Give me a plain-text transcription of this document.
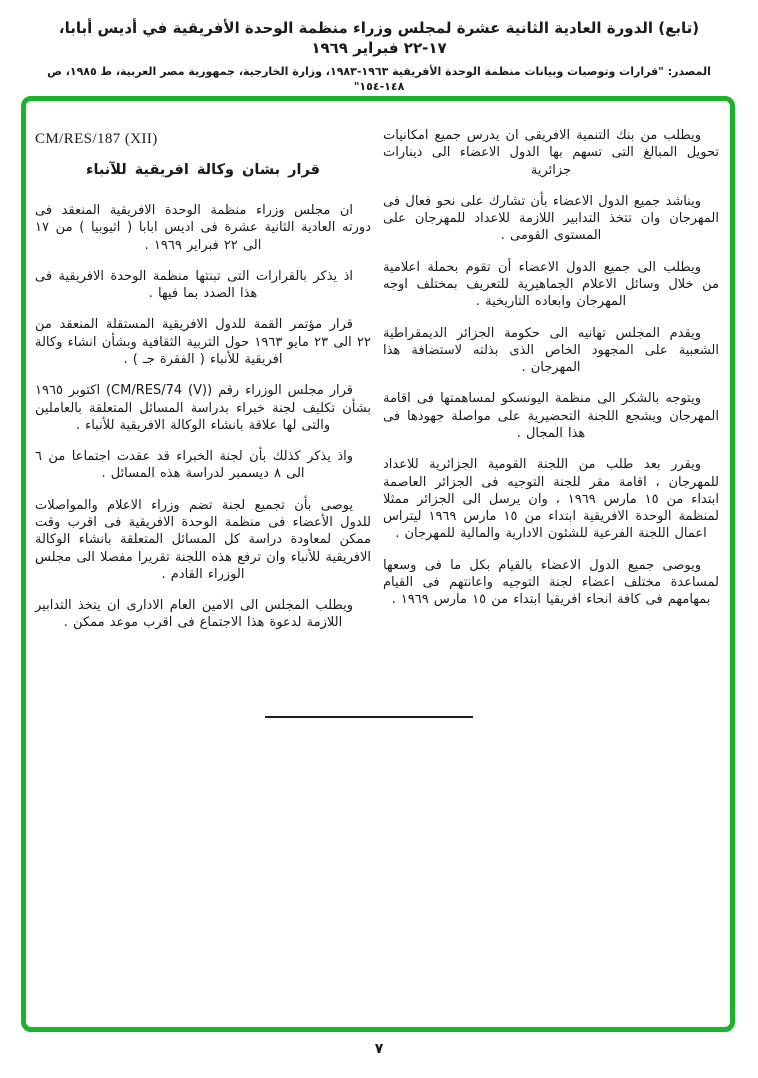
(تابع) الدورة العادية الثانية عشرة لمجلس وزراء منظمة الوحدة الأفريقية في أديس أبابا، ١٧-٢٢ فبراير ١٩٦٩
المصدر: "قرارات وتوصيات وبيانات منظمة الوحدة الأفريقية ١٩٦٣-١٩٨٣، وزارة الخارجية، جمهورية مصر العربية، ط ١٩٨٥، ص ١٤٨-١٥٤"

ويطلب من بنك التنمية الافريقى ان يدرس جميع امكانيات تحويل المبالغ التى تسهم بها الدول الاعضاء الى دينارات جزائرية

ويناشد جميع الدول الاعضاء بأن تشارك على نحو فعال فى المهرجان وان تتخذ التدابير اللازمة للاعداد للمهرجان على المستوى القومى .

ويطلب الى جميع الدول الاعضاء أن تقوم بحملة اعلامية من خلال وسائل الاعلام الجماهيرية للتعريف بمختلف اوجه المهرجان وابعاده التاريخية .

ويقدم المجلس تهانيه الى حكومة الجزائر الديمقراطية الشعبية على المجهود الخاص الذى بذلته لاستضافة هذا المهرجان .

ويتوجه بالشكر الى منظمة اليونسكو لمساهمتها فى اقامة المهرجان ويشجع اللجنة التحضيرية على مواصلة جهودها فى هذا المجال .

ويقرر بعد طلب من اللجنة القومية الجزائرية للاعداد للمهرجان ، اقامة مقر للجنة التوجيه فى الجزائر العاصمة ابتداء من ١٥ مارس ١٩٦٩ ، وان يرسل الى الجزائر ممثلا لمنظمة الوحدة الافريقية ابتداء من ١٥ مارس ١٩٦٩ ليتراس اعمال اللجنة الفرعية للشئون الادارية والمالية للمهرجان .

ويوصى جميع الدول الاعضاء بالقيام بكل ما فى وسعها لمساعدة مختلف اعضاء لجنة التوجيه واعانتهم فى القيام بمهامهم فى كافة انحاء افريقيا ابتداء من ١٥ مارس ١٩٦٩ .

CM/RES/187 (XII)
قرار بشان وكالة افريقية للآنباء

ان مجلس وزراء منظمة الوحدة الافريقية المنعقد فى دورته العادية الثانية عشرة فى اديس ابابا ( اثيوبيا ) من ١٧ الى ٢٢ فبراير ١٩٦٩ .

اذ يذكر بالقرارات التى تبنتها منظمة الوحدة الافريقية فى هذا الصدد بما فيها .

قرار مؤتمر القمة للدول الافريقية المستقلة المنعقد من ٢٢ الى ٢٣ مايو ١٩٦٣ حول التربية الثقافية وبشأن انشاء وكالة افريقية للأنباء ( الفقرة جـ ) .

قرار مجلس الوزراء رقم (CM/RES/74 (V)) اكتوبر ١٩٦٥ بشأن تكليف لجنة خبراء بدراسة المسائل المتعلقة بالعاملين والتى لها علاقة بانشاء الوكالة الافريقية للأنباء .

واذ يذكر كذلك بأن لجنة الخبراء قد عقدت اجتماعا من ٦ الى ٨ ديسمبر لدراسة هذه المسائل .

يوصى بأن تجميع لجنة تضم وزراء الاعلام والمواصلات للدول الأعضاء فى منظمة الوحدة الافريقية فى اقرب وقت ممكن لمعاودة دراسة كل المسائل المتعلقة بانشاء الوكالة الافريقية للأنباء وان ترفع هذه اللجنة تقريرا مفصلا الى مجلس الوزراء القادم .

ويطلب المجلس الى الامين العام الادارى ان يتخذ التدابير اللازمة لدعوة هذا الاجتماع فى اقرب موعد ممكن .

٧
